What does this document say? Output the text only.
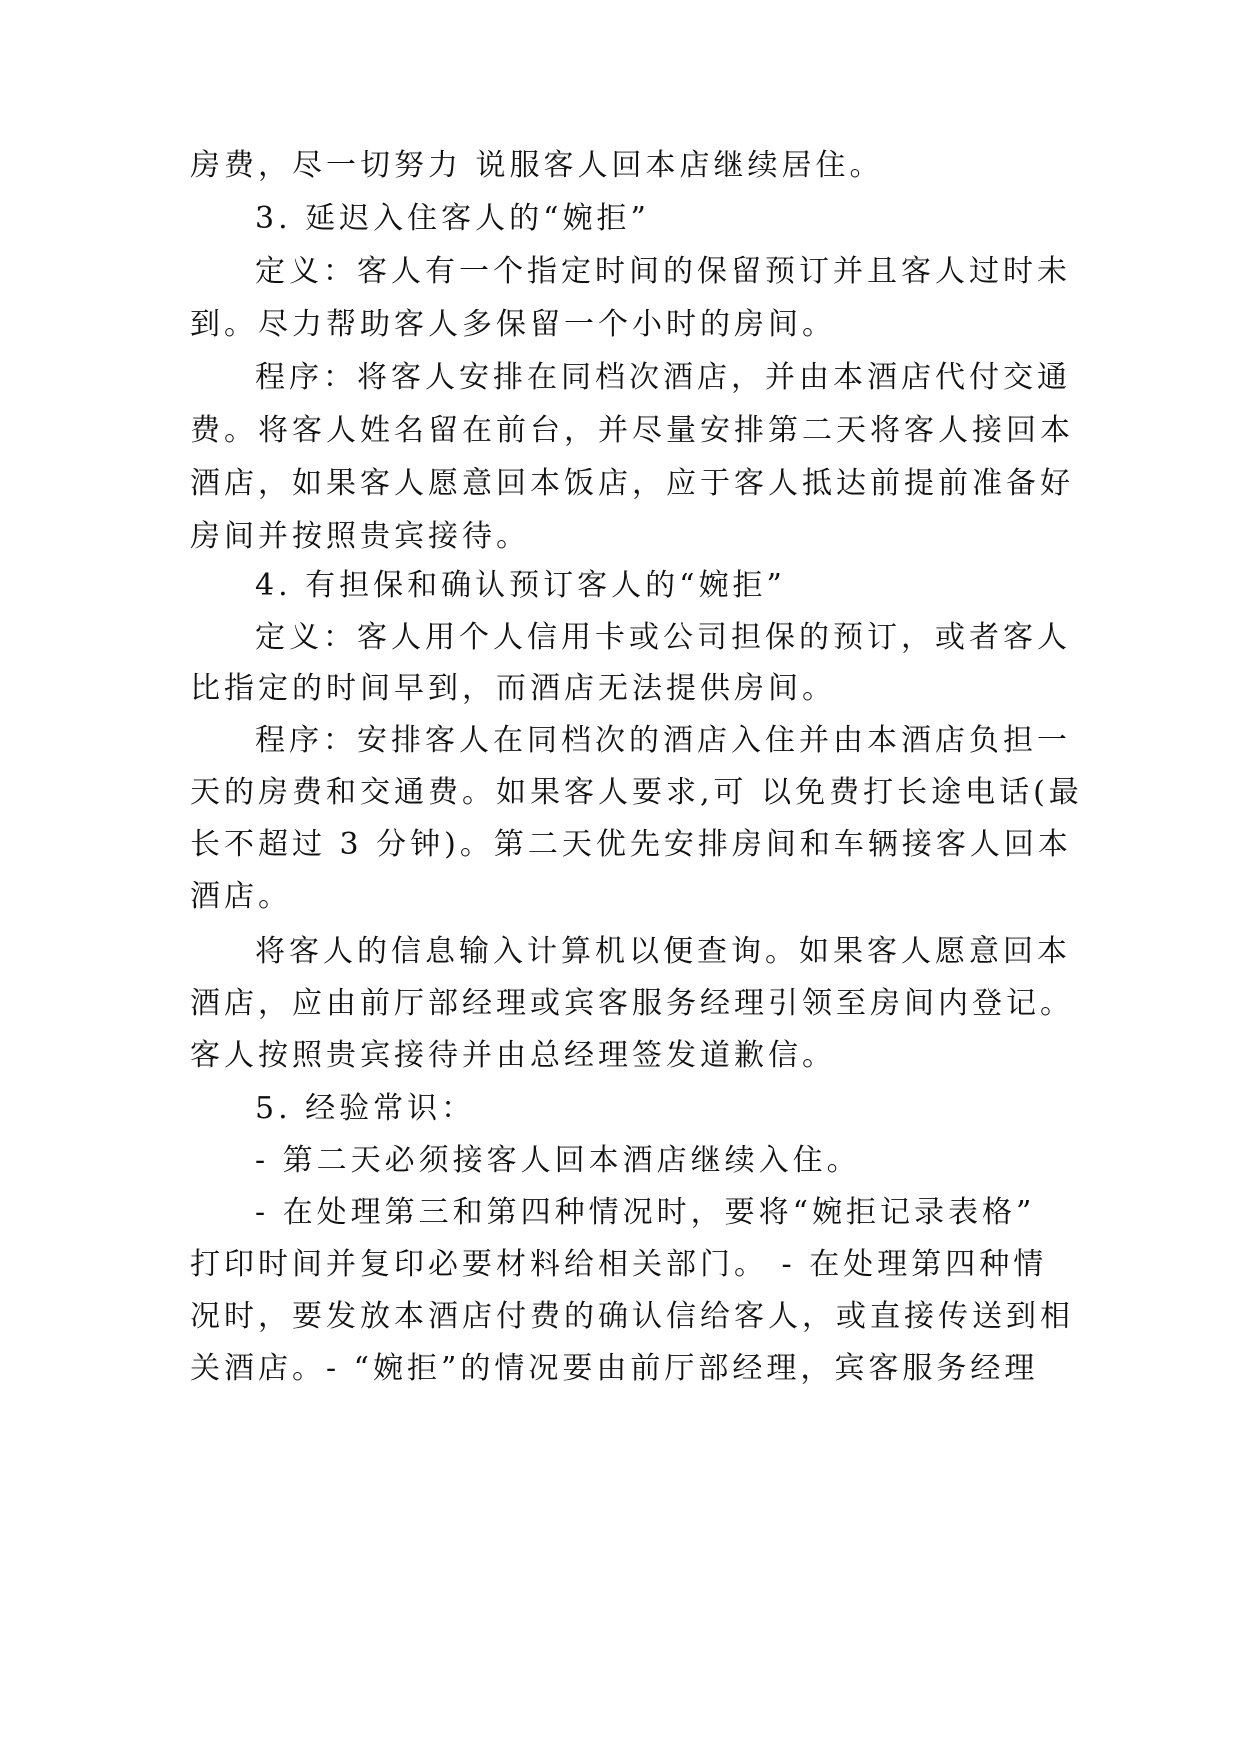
房费，尽一切努力 说服客人回本店继续居住。
3. 延迟入住客人的“婉拒”
定义：客人有一个指定时间的保留预订并且客人过时未
到。尽力帮助客人多保留一个小时的房间。
程序：将客人安排在同档次酒店，并由本酒店代付交通
费。将客人姓名留在前台，并尽量安排第二天将客人接回本
酒店，如果客人愿意回本饭店，应于客人抵达前提前准备好
房间并按照贵宾接待。
4. 有担保和确认预订客人的“婉拒”
定义：客人用个人信用卡或公司担保的预订，或者客人
比指定的时间早到，而酒店无法提供房间。
程序：安排客人在同档次的酒店入住并由本酒店负担一
天的房费和交通费。如果客人要求,可 以免费打长途电话(最
长不超过 3 分钟)。第二天优先安排房间和车辆接客人回本
酒店。
将客人的信息输入计算机以便查询。如果客人愿意回本
酒店，应由前厅部经理或宾客服务经理引领至房间内登记。
客人按照贵宾接待并由总经理签发道歉信。
5. 经验常识：
- 第二天必须接客人回本酒店继续入住。
- 在处理第三和第四种情况时，要将“婉拒记录表格”
打印时间并复印必要材料给相关部门。 - 在处理第四种情
况时，要发放本酒店付费的确认信给客人，或直接传送到相
关酒店。- “婉拒”的情况要由前厅部经理，宾客服务经理
